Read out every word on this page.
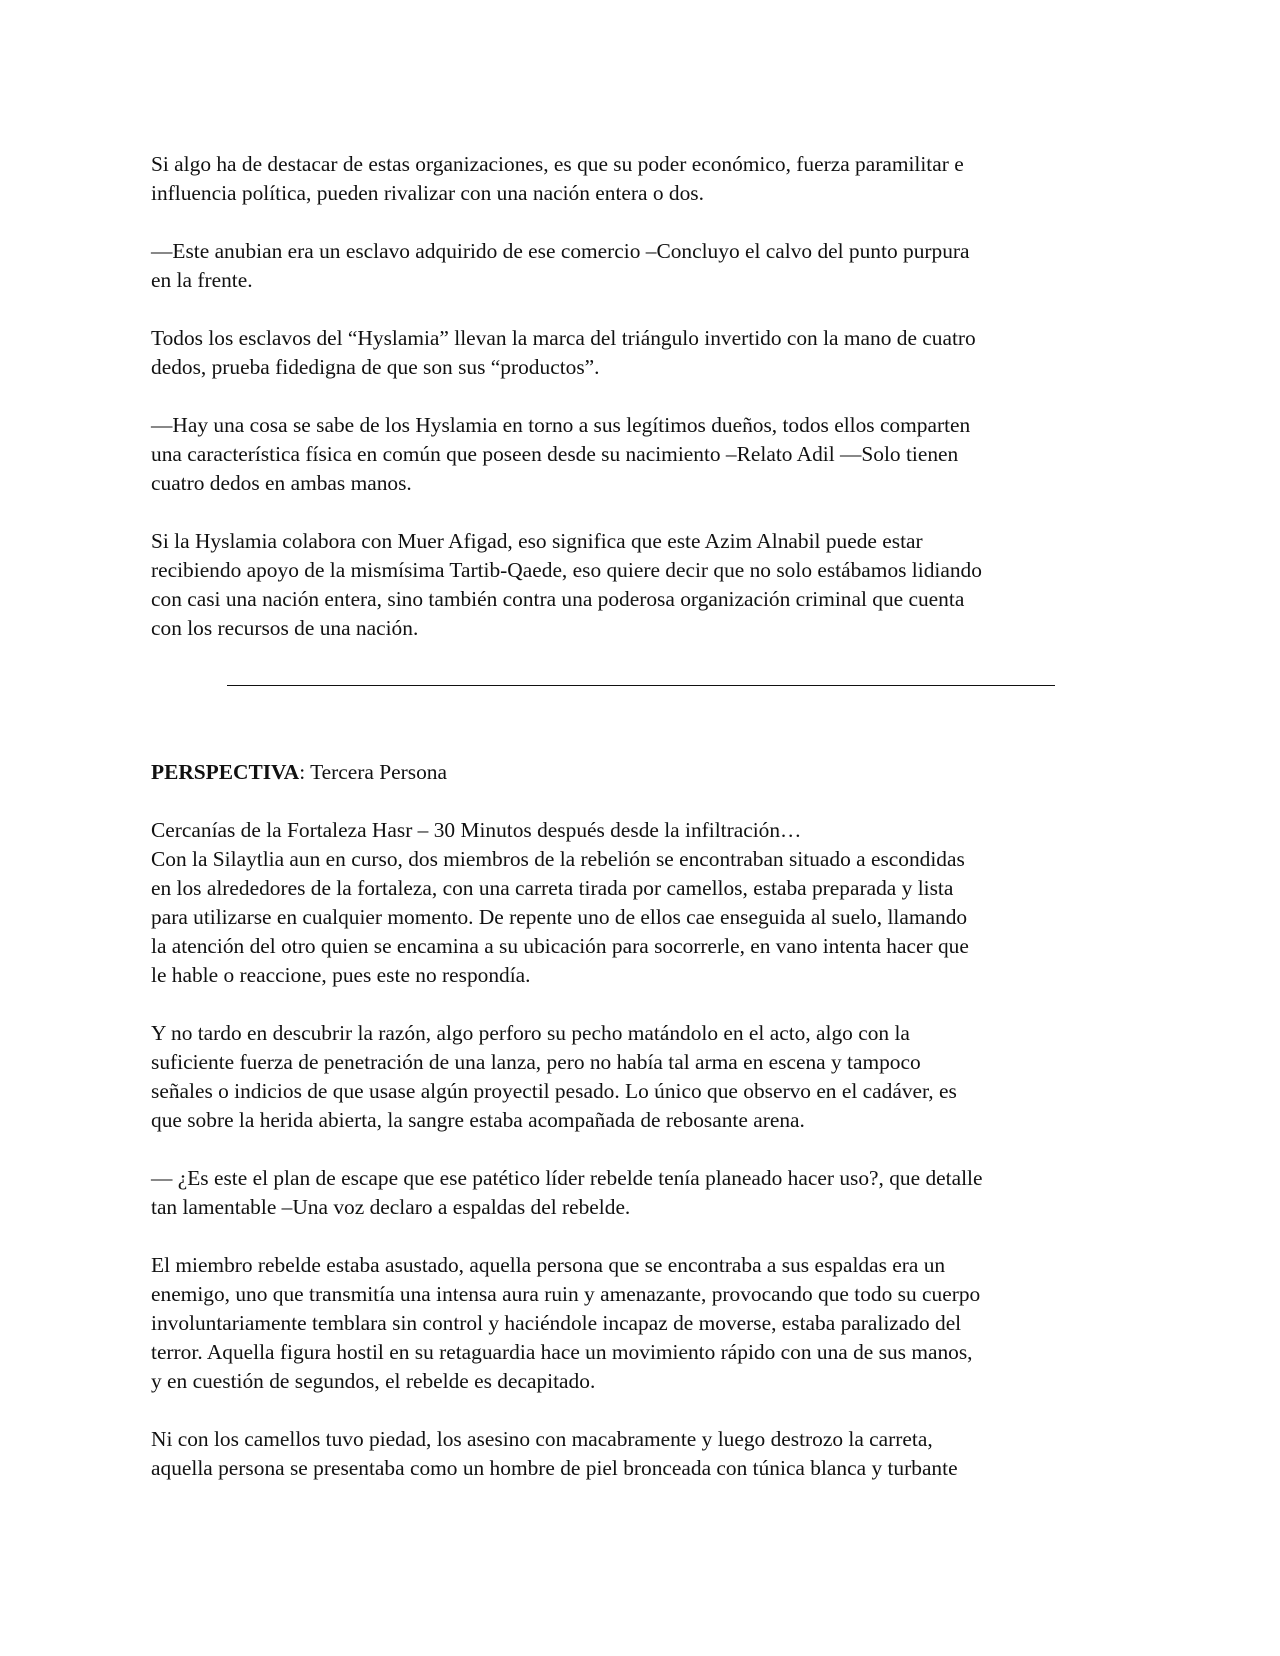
Si algo ha de destacar de estas organizaciones, es que su poder económico, fuerza paramilitar e
influencia política, pueden rivalizar con una nación entera o dos.

—Este anubian era un esclavo adquirido de ese comercio –Concluyo el calvo del punto purpura
en la frente.

Todos los esclavos del “Hyslamia” llevan la marca del triángulo invertido con la mano de cuatro
dedos, prueba fidedigna de que son sus “productos”.

—Hay una cosa se sabe de los Hyslamia en torno a sus legítimos dueños, todos ellos comparten
una característica física en común que poseen desde su nacimiento –Relato Adil —Solo tienen
cuatro dedos en ambas manos.

Si la Hyslamia colabora con Muer Afigad, eso significa que este Azim Alnabil puede estar
recibiendo apoyo de la mismísima Tartib-Qaede, eso quiere decir que no solo estábamos lidiando
con casi una nación entera, sino también contra una poderosa organización criminal que cuenta
con los recursos de una nación.

PERSPECTIVA: Tercera Persona

Cercanías de la Fortaleza Hasr – 30 Minutos después desde la infiltración…

Con la Silaytlia aun en curso, dos miembros de la rebelión se encontraban situado a escondidas
en los alrededores de la fortaleza, con una carreta tirada por camellos, estaba preparada y lista
para utilizarse en cualquier momento. De repente uno de ellos cae enseguida al suelo, llamando
la atención del otro quien se encamina a su ubicación para socorrerle, en vano intenta hacer que
le hable o reaccione, pues este no respondía.

Y no tardo en descubrir la razón, algo perforo su pecho matándolo en el acto, algo con la
suficiente fuerza de penetración de una lanza, pero no había tal arma en escena y tampoco
señales o indicios de que usase algún proyectil pesado. Lo único que observo en el cadáver, es
que sobre la herida abierta, la sangre estaba acompañada de rebosante arena.

— ¿Es este el plan de escape que ese patético líder rebelde tenía planeado hacer uso?, que detalle
tan lamentable –Una voz declaro a espaldas del rebelde.

El miembro rebelde estaba asustado, aquella persona que se encontraba a sus espaldas era un
enemigo, uno que transmitía una intensa aura ruin y amenazante, provocando que todo su cuerpo
involuntariamente temblara sin control y haciéndole incapaz de moverse, estaba paralizado del
terror. Aquella figura hostil en su retaguardia hace un movimiento rápido con una de sus manos,
y en cuestión de segundos, el rebelde es decapitado.

Ni con los camellos tuvo piedad, los asesino con macabramente y luego destrozo la carreta,
aquella persona se presentaba como un hombre de piel bronceada con túnica blanca y turbante
